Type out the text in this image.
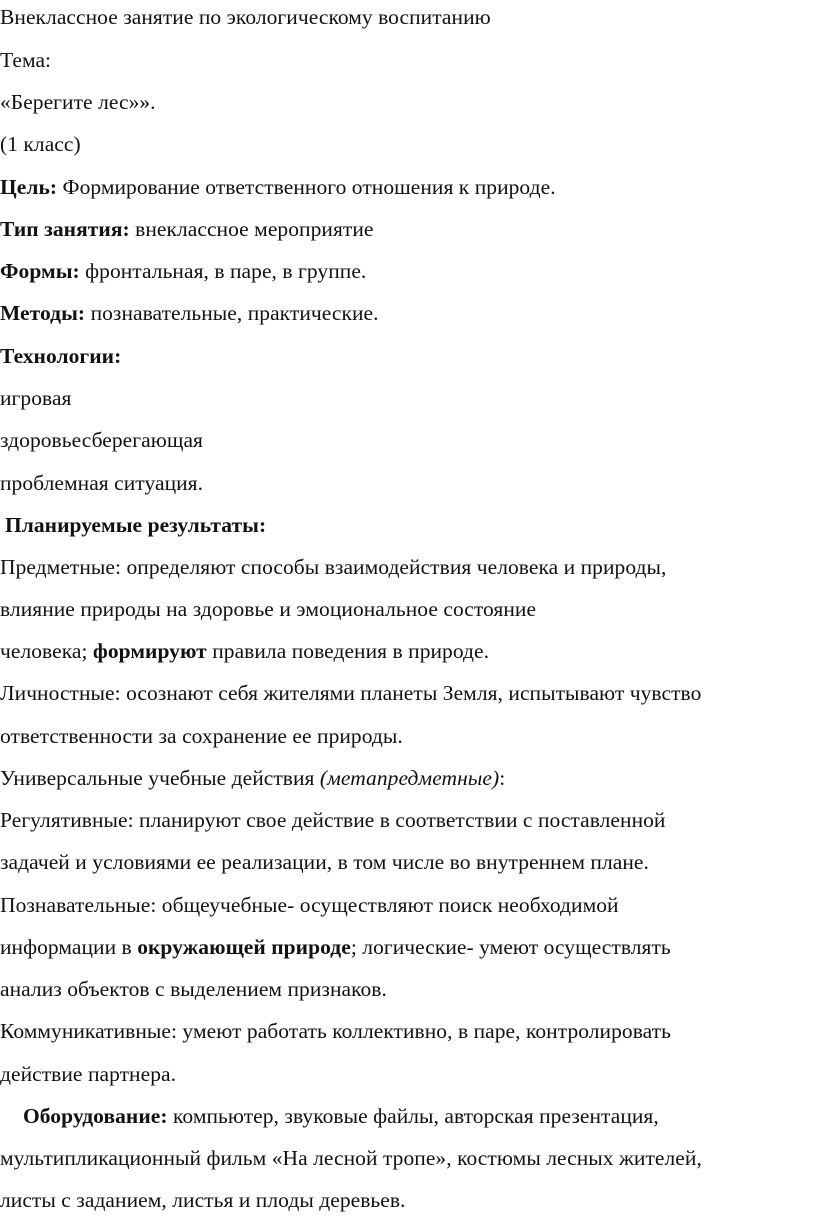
Внеклассное занятие по экологическому воспитанию
Тема:
«Берегите лес»».
(1 класс)
Цель: Формирование ответственного отношения к природе.
Тип занятия: внеклассное мероприятие
Формы: фронтальная, в паре, в группе.
Методы: познавательные, практические.
Технологии:
игровая
здоровьесберегающая
проблемная ситуация.
Планируемые результаты:
Предметные: определяют способы взаимодействия человека и природы,
влияние природы на здоровье и эмоциональное состояние
человека; формируют правила поведения в природе.
Личностные: осознают себя жителями планеты Земля, испытывают чувство
ответственности за сохранение ее природы.
Универсальные учебные действия (метапредметные):
Регулятивные: планируют свое действие в соответствии с поставленной
задачей и условиями ее реализации, в том числе во внутреннем плане.
Познавательные: общеучебные- осуществляют поиск необходимой
информации в окружающей природе; логические- умеют осуществлять
анализ объектов с выделением признаков.
Коммуникативные: умеют работать коллективно, в паре, контролировать
действие партнера.
Оборудование: компьютер, звуковые файлы, авторская презентация,
мультипликационный фильм «На лесной тропе», костюмы лесных жителей,
листы с заданием, листья и плоды деревьев.
